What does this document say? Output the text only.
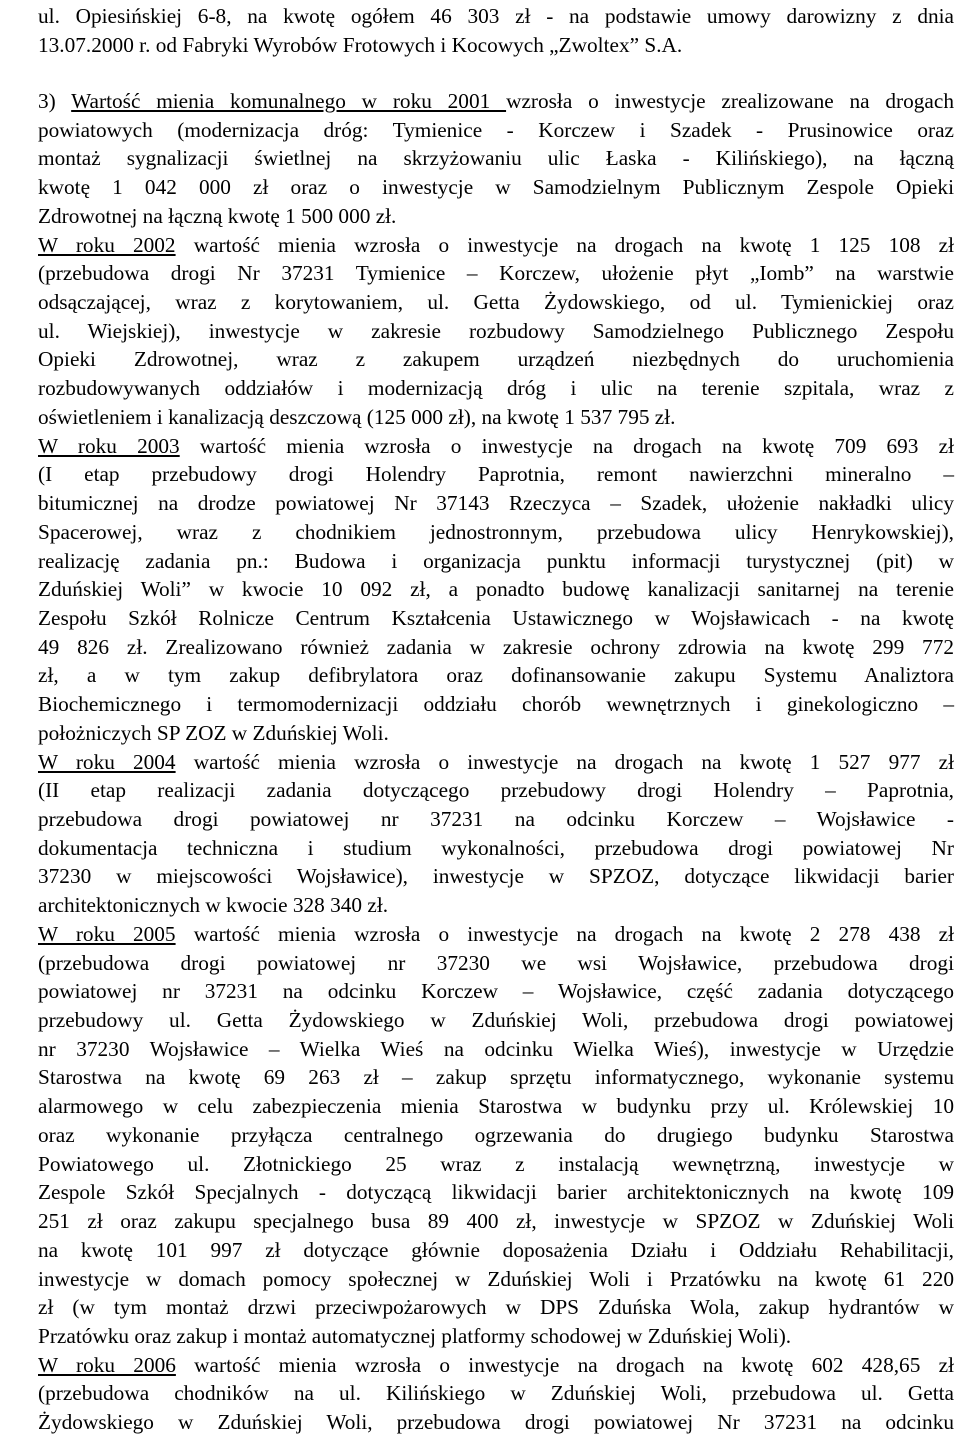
ul. Opiesińskiej 6-8, na kwotę ogółem 46 303 zł - na podstawie umowy darowizny z dnia
13.07.2000 r. od Fabryki Wyrobów Frotowych i Kocowych „Zwoltex” S.A.
3) Wartość mienia komunalnego w roku 2001 wzrosła o inwestycje zrealizowane na drogach
powiatowych (modernizacja dróg: Tymienice - Korczew i Szadek - Prusinowice oraz
montaż sygnalizacji świetlnej na skrzyżowaniu ulic Łaska - Kilińskiego), na łączną
kwotę 1 042 000 zł oraz o inwestycje w Samodzielnym Publicznym Zespole Opieki
Zdrowotnej na łączną kwotę 1 500 000 zł.
W roku 2002 wartość mienia wzrosła o inwestycje na drogach na kwotę 1 125 108 zł
(przebudowa drogi Nr 37231 Tymienice – Korczew, ułożenie płyt „Iomb” na warstwie
odsączającej, wraz z korytowaniem, ul. Getta Żydowskiego, od ul. Tymienickiej oraz
ul. Wiejskiej), inwestycje w zakresie rozbudowy Samodzielnego Publicznego Zespołu
Opieki Zdrowotnej, wraz z zakupem urządzeń niezbędnych do uruchomienia
rozbudowywanych oddziałów i modernizacją dróg i ulic na terenie szpitala, wraz z
oświetleniem i kanalizacją deszczową (125 000 zł), na kwotę 1 537 795 zł.
W roku 2003 wartość mienia wzrosła o inwestycje na drogach na kwotę 709 693 zł
(I etap przebudowy drogi Holendry Paprotnia, remont nawierzchni mineralno –
bitumicznej na drodze powiatowej Nr 37143 Rzeczyca – Szadek, ułożenie nakładki ulicy
Spacerowej, wraz z chodnikiem jednostronnym, przebudowa ulicy Henrykowskiej),
realizację zadania pn.: Budowa i organizacja punktu informacji turystycznej (pit) w
Zduńskiej Woli” w kwocie 10 092 zł, a ponadto budowę kanalizacji sanitarnej na terenie
Zespołu Szkół Rolnicze Centrum Kształcenia Ustawicznego w Wojsławicach - na kwotę
49 826 zł. Zrealizowano również zadania w zakresie ochrony zdrowia na kwotę 299 772
zł, a w tym zakup defibrylatora oraz dofinansowanie zakupu Systemu Analiztora
Biochemicznego i termomodernizacji oddziału chorób wewnętrznych i ginekologiczno –
położniczych SP ZOZ w Zduńskiej Woli.
W roku 2004 wartość mienia wzrosła o inwestycje na drogach na kwotę 1 527 977 zł
(II etap realizacji zadania dotyczącego przebudowy drogi Holendry – Paprotnia,
przebudowa drogi powiatowej nr 37231 na odcinku Korczew – Wojsławice -
dokumentacja techniczna i studium wykonalności, przebudowa drogi powiatowej Nr
37230 w miejscowości Wojsławice), inwestycje w SPZOZ, dotyczące likwidacji barier
architektonicznych w kwocie 328 340 zł.
W roku 2005 wartość mienia wzrosła o inwestycje na drogach na kwotę 2 278 438 zł
(przebudowa drogi powiatowej nr 37230 we wsi Wojsławice, przebudowa drogi
powiatowej nr 37231 na odcinku Korczew – Wojsławice, część zadania dotyczącego
przebudowy ul. Getta Żydowskiego w Zduńskiej Woli, przebudowa drogi powiatowej
nr 37230 Wojsławice – Wielka Wieś na odcinku Wielka Wieś), inwestycje w Urzędzie
Starostwa na kwotę 69 263 zł – zakup sprzętu informatycznego, wykonanie systemu
alarmowego w celu zabezpieczenia mienia Starostwa w budynku przy ul. Królewskiej 10
oraz wykonanie przyłącza centralnego ogrzewania do drugiego budynku Starostwa
Powiatowego ul. Złotnickiego 25 wraz z instalacją wewnętrzną, inwestycje w
Zespole Szkół Specjalnych - dotyczącą likwidacji barier architektonicznych na kwotę 109
251 zł oraz zakupu specjalnego busa 89 400 zł, inwestycje w SPZOZ w Zduńskiej Woli
na kwotę 101 997 zł dotyczące głównie doposażenia Działu i Oddziału Rehabilitacji,
inwestycje w domach pomocy społecznej w Zduńskiej Woli i Przatówku na kwotę 61 220
zł (w tym montaż drzwi przeciwpożarowych w DPS Zduńska Wola, zakup hydrantów w
Przatówku oraz zakup i montaż automatycznej platformy schodowej w Zduńskiej Woli).
W roku 2006 wartość mienia wzrosła o inwestycje na drogach na kwotę 602 428,65 zł
(przebudowa chodników na ul. Kilińskiego w Zduńskiej Woli, przebudowa ul. Getta
Żydowskiego w Zduńskiej Woli, przebudowa drogi powiatowej Nr 37231 na odcinku
